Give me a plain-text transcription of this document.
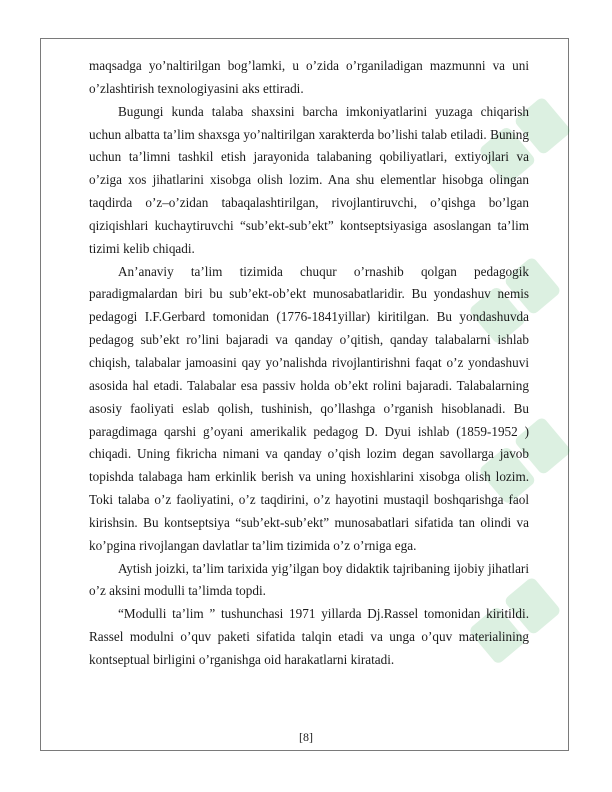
maqsadga yo’naltirilgan bog’lamki, u o’zida o’rganiladigan mazmunni va uni o’zlashtirish texnologiyasini aks ettiradi.

Bugungi kunda talaba shaxsini barcha imkoniyatlarini yuzaga chiqarish uchun albatta ta’lim shaxsga yo’naltirilgan xarakterda bo’lishi talab etiladi. Buning uchun ta’limni tashkil etish jarayonida talabaning qobiliyatlari, extiyojlari va o’ziga xos jihatlarini xisobga olish lozim. Ana shu elementlar hisobga olingan taqdirda o’z–o’zidan tabaqalashtirilgan, rivojlantiruvchi, o’qishga bo’lgan qiziqishlari kuchaytiruvchi “sub’ekt-sub’ekt” kontseptsiyasiga asoslangan ta’lim tizimi kelib chiqadi.

An’anaviy ta’lim tizimida chuqur o’rnashib qolgan pedagogik paradigmalardan biri bu sub’ekt-ob’ekt munosabatlaridir. Bu yondashuv nemis pedagogi I.F.Gerbard tomonidan (1776-1841yillar) kiritilgan. Bu yondashuvda pedagog sub’ekt ro’lini bajaradi va qanday o’qitish, qanday talabalarni ishlab chiqish, talabalar jamoasini qay yo’nalishda rivojlantirishni faqat o’z yondashuvi asosida hal etadi. Talabalar esa passiv holda ob’ekt rolini bajaradi. Talabalarning asosiy faoliyati eslab qolish, tushinish, qo’llashga o’rganish hisoblanadi. Bu paragdimaga qarshi g’oyani amerikalik pedagog D. Dyui ishlab (1859-1952 ) chiqadi. Uning fikricha nimani va qanday o’qish lozim degan savollarga javob topishda talabaga ham erkinlik berish va uning hoxishlarini xisobga olish lozim. Toki talaba o’z faoliyatini, o’z taqdirini, o’z hayotini mustaqil boshqarishga faol kirishsin. Bu kontseptsiya “sub’ekt-sub’ekt” munosabatlari sifatida tan olindi va ko’pgina rivojlangan davlatlar ta’lim tizimida o’z o’rniga ega.

Aytish joizki, ta’lim tarixida yig’ilgan boy didaktik tajribaning ijobiy jihatlari o’z aksini modulli ta’limda topdi.

“Modulli ta’lim ” tushunchasi 1971 yillarda Dj.Rassel tomonidan kiritildi. Rassel modulni o’quv paketi sifatida talqin etadi va unga o’quv materialining kontseptual birligini o’rganishga oid harakatlarni kiratadi.

[8]
